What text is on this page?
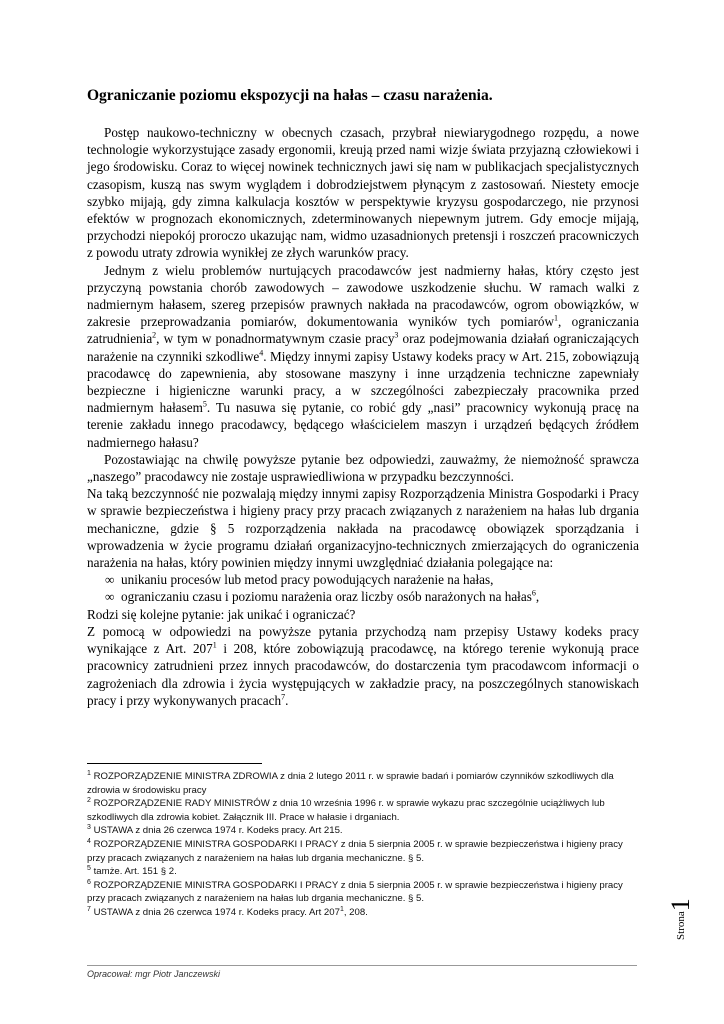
Ograniczanie poziomu ekspozycji na hałas – czasu narażenia.

Postęp naukowo-techniczny w obecnych czasach, przybrał niewiarygodnego rozpędu, a nowe technologie wykorzystujące zasady ergonomii, kreują przed nami wizje świata przyjazną człowiekowi i jego środowisku. Coraz to więcej nowinek technicznych jawi się nam w publikacjach specjalistycznych czasopism, kuszą nas swym wyglądem i dobrodziejstwem płynącym z zastosowań. Niestety emocje szybko mijają, gdy zimna kalkulacja kosztów w perspektywie kryzysu gospodarczego, nie przynosi efektów w prognozach ekonomicznych, zdeterminowanych niepewnym jutrem. Gdy emocje mijają, przychodzi niepokój proroczo ukazując nam, widmo uzasadnionych pretensji i roszczeń pracowniczych z powodu utraty zdrowia wynikłej ze złych warunków pracy.

Jednym z wielu problemów nurtujących pracodawców jest nadmierny hałas, który często jest przyczyną powstania chorób zawodowych – zawodowe uszkodzenie słuchu. W ramach walki z nadmiernym hałasem, szereg przepisów prawnych nakłada na pracodawców, ogrom obowiązków, w zakresie przeprowadzania pomiarów, dokumentowania wyników tych pomiarów$^1$, ograniczania zatrudnienia$^2$, w tym w ponadnormatywnym czasie pracy$^3$ oraz podejmowania działań ograniczających narażenie na czynniki szkodliwe$^4$. Między innymi zapisy Ustawy kodeks pracy w Art. 215, zobowiązują pracodawcę do zapewnienia, aby stosowane maszyny i inne urządzenia techniczne zapewniały bezpieczne i higieniczne warunki pracy, a w szczególności zabezpieczały pracownika przed nadmiernym hałasem$^5$. Tu nasuwa się pytanie, co robić gdy „nasi” pracownicy wykonują pracę na terenie zakładu innego pracodawcy, będącego właścicielem maszyn i urządzeń będących źródłem nadmiernego hałasu?

Pozostawiając na chwilę powyższe pytanie bez odpowiedzi, zauważmy, że niemożność sprawcza „naszego” pracodawcy nie zostaje usprawiedliwiona w przypadku bezczynności.

Na taką bezczynność nie pozwalają między innymi zapisy Rozporządzenia Ministra Gospodarki i Pracy w sprawie bezpieczeństwa i higieny pracy przy pracach związanych z narażeniem na hałas lub drgania mechaniczne, gdzie § 5 rozporządzenia nakłada na pracodawcę obowiązek sporządzania i wprowadzenia w życie programu działań organizacyjno-technicznych zmierzających do ograniczenia narażenia na hałas, który powinien między innymi uwzględniać działania polegające na:

∞ unikaniu procesów lub metod pracy powodujących narażenie na hałas,
∞ ograniczaniu czasu i poziomu narażenia oraz liczby osób narażonych na hałas$^6$,

Rodzi się kolejne pytanie: jak unikać i ograniczać?

Z pomocą w odpowiedzi na powyższe pytania przychodzą nam przepisy Ustawy kodeks pracy wynikające z Art. $207^1$ i 208, które zobowiązują pracodawcę, na którego terenie wykonują prace pracownicy zatrudnieni przez innych pracodawców, do dostarczenia tym pracodawcom informacji o zagrożeniach dla zdrowia i życia występujących w zakładzie pracy, na poszczególnych stanowiskach pracy i przy wykonywanych pracach$^7$.

$^1$ ROZPORZĄDZENIE MINISTRA ZDROWIA z dnia 2 lutego 2011 r. w sprawie badań i pomiarów czynników szkodliwych dla zdrowia w środowisku pracy
$^2$ ROZPORZĄDZENIE RADY MINISTRÓW z dnia 10 września 1996 r. w sprawie wykazu prac szczególnie uciążliwych lub szkodliwych dla zdrowia kobiet. Załącznik III. Prace w hałasie i drganiach.
$^3$ USTAWA z dnia 26 czerwca 1974 r. Kodeks pracy. Art 215.
$^4$ ROZPORZĄDZENIE MINISTRA GOSPODARKI I PRACY z dnia 5 sierpnia 2005 r. w sprawie bezpieczeństwa i higieny pracy przy pracach związanych z narażeniem na hałas lub drgania mechaniczne. § 5.
$^5$ tamże. Art. 151 § 2.
$^6$ ROZPORZĄDZENIE MINISTRA GOSPODARKI I PRACY z dnia 5 sierpnia 2005 r. w sprawie bezpieczeństwa i higieny pracy przy pracach związanych z narażeniem na hałas lub drgania mechaniczne. § 5.
$^7$ USTAWA z dnia 26 czerwca 1974 r. Kodeks pracy. Art $207^1$, 208.	Strona1
Opracował: mgr Piotr Janczewski
